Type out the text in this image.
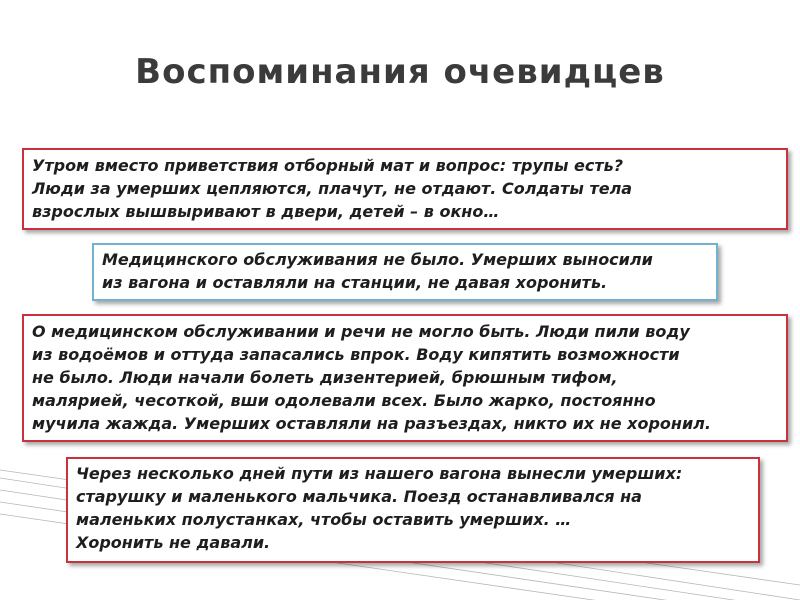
Воспоминания очевидцев
Утром вместо приветствия отборный мат и вопрос: трупы есть?
Люди за умерших цепляются, плачут, не отдают. Солдаты тела
взрослых вышвыривают в двери, детей – в окно…
Медицинского обслуживания не было. Умерших выносили
из вагона и оставляли на станции, не давая хоронить.
О медицинском обслуживании и речи не могло быть. Люди пили воду
из водоёмов и оттуда запасались впрок. Воду кипятить возможности
не было. Люди начали болеть дизентерией, брюшным тифом,
малярией, чесоткой, вши одолевали всех. Было жарко, постоянно
мучила жажда. Умерших оставляли на разъездах, никто их не хоронил.
Через несколько дней пути из нашего вагона вынесли умерших:
старушку и маленького мальчика. Поезд останавливался на
маленьких полустанках, чтобы оставить умерших. …
Хоронить не давали.
